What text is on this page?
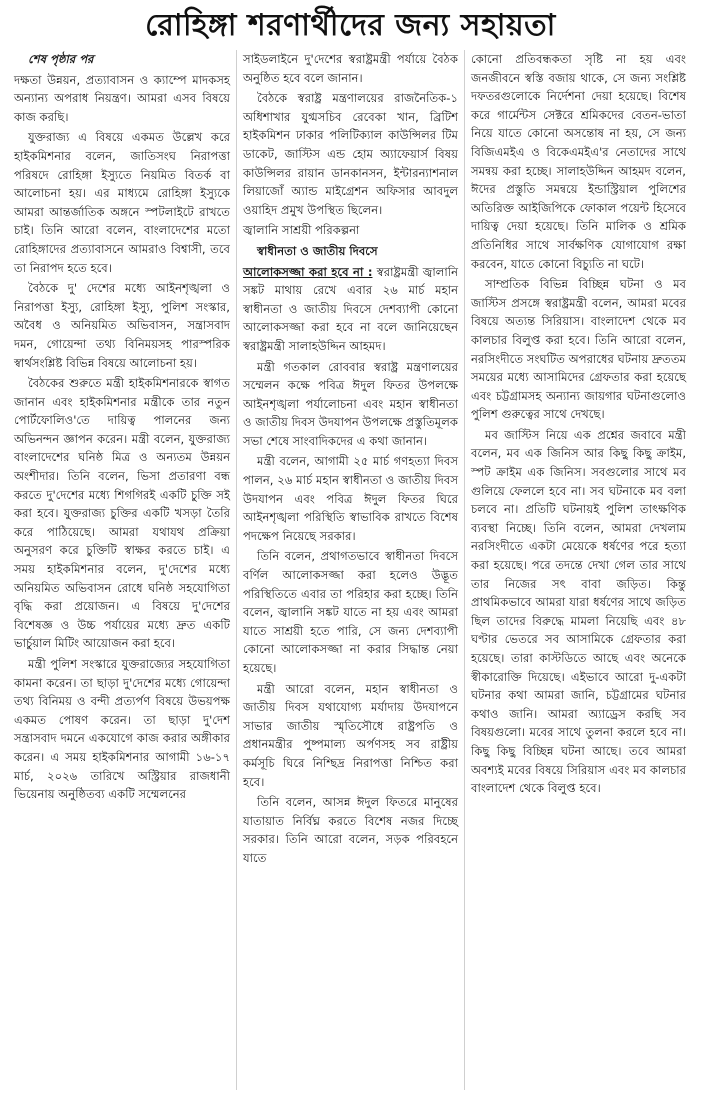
রোহিঙ্গা শরণার্থীদের জন্য সহায়তা

শেষ পৃষ্ঠার পর

দক্ষতা উন্নয়ন, প্রত্যাবাসন ও ক্যাম্পে মাদকসহ অন্যান্য অপরাধ নিয়ন্ত্রণ। আমরা এসব বিষয়ে কাজ করছি।

যুক্তরাজ্য এ বিষয়ে একমত উল্লেখ করে হাইকমিশনার বলেন, জাতিসংঘ নিরাপত্তা পরিষদে রোহিঙ্গা ইস্যুতে নিয়মিত বিতর্ক বা আলোচনা হয়। এর মাধ্যমে রোহিঙ্গা ইস্যুকে আমরা আন্তর্জাতিক অঙ্গনে স্পটলাইটে রাখতে চাই। তিনি আরো বলেন, বাংলাদেশের মতো রোহিঙ্গাদের প্রত্যাবাসনে আমরাও বিশ্বাসী, তবে তা নিরাপদ হতে হবে।

বৈঠকে দু' দেশের মধ্যে আইনশৃঙ্খলা ও নিরাপত্তা ইস্যু, রোহিঙ্গা ইস্যু, পুলিশ সংস্কার, অবৈধ ও অনিয়মিত অভিবাসন, সন্ত্রাসবাদ দমন, গোয়েন্দা তথ্য বিনিময়সহ পারস্পরিক স্বার্থসংশ্লিষ্ট বিভিন্ন বিষয়ে আলোচনা হয়।

বৈঠকের শুরুতে মন্ত্রী হাইকমিশনারকে স্বাগত জানান এবং হাইকমিশনার মন্ত্রীকে তার নতুন পোর্টফোলিও'তে দায়িত্ব পালনের জন্য অভিনন্দন জ্ঞাপন করেন। মন্ত্রী বলেন, যুক্তরাজ্য বাংলাদেশের ঘনিষ্ঠ মিত্র ও অন্যতম উন্নয়ন অংশীদার। তিনি বলেন, ভিসা প্রতারণা বন্ধ করতে দু'দেশের মধ্যে শিগগিরই একটি চুক্তি সই করা হবে। যুক্তরাজ্য চুক্তির একটি খসড়া তৈরি করে পাঠিয়েছে। আমরা যথাযথ প্রক্রিয়া অনুসরণ করে চুক্তিটি স্বাক্ষর করতে চাই। এ সময় হাইকমিশনার বলেন, দু'দেশের মধ্যে অনিয়মিত অভিবাসন রোধে ঘনিষ্ঠ সহযোগিতা বৃদ্ধি করা প্রয়োজন। এ বিষয়ে দু'দেশের বিশেষজ্ঞ ও উচ্চ পর্যায়ের মধ্যে দ্রুত একটি ভার্চুয়াল মিটিং আয়োজন করা হবে।

মন্ত্রী পুলিশ সংস্কারে যুক্তরাজ্যের সহযোগিতা কামনা করেন। তা ছাড়া দু'দেশের মধ্যে গোয়েন্দা তথ্য বিনিময় ও বন্দী প্রত্যর্পণ বিষয়ে উভয়পক্ষ একমত পোষণ করেন। তা ছাড়া দু'দেশ সন্ত্রাসবাদ দমনে একযোগে কাজ করার অঙ্গীকার করেন। এ সময় হাইকমিশনার আগামী ১৬-১৭ মার্চ, ২০২৬ তারিখে অস্ট্রিয়ার রাজধানী ভিয়েনায় অনুষ্ঠিতব্য একটি সম্মেলনের

সাইডলাইনে দু'দেশের স্বরাষ্ট্রমন্ত্রী পর্যায়ে বৈঠক অনুষ্ঠিত হবে বলে জানান।

বৈঠকে স্বরাষ্ট্র মন্ত্রণালয়ের রাজনৈতিক-১ অধিশাখার যুগ্মসচিব রেবেকা খান, ব্রিটিশ হাইকমিশন ঢাকার পলিটিক্যাল কাউন্সিলর টিম ডাকেট, জাস্টিস এন্ড হোম অ্যাফেয়ার্স বিষয় কাউন্সিলর রায়ান ডানকানসন, ইন্টারন্যাশনাল লিয়াজোঁ অ্যান্ড মাইগ্রেশন অফিসার আবদুল ওয়াহিদ প্রমুখ উপস্থিত ছিলেন।

জ্বালানি সাশ্রয়ী পরিকল্পনা

স্বাধীনতা ও জাতীয় দিবসে

আলোকসজ্জা করা হবে না : স্বরাষ্ট্রমন্ত্রী জ্বালানি সঙ্কট মাথায় রেখে এবার ২৬ মার্চ মহান স্বাধীনতা ও জাতীয় দিবসে দেশব্যাপী কোনো আলোকসজ্জা করা হবে না বলে জানিয়েছেন স্বরাষ্ট্রমন্ত্রী সালাহউদ্দিন আহমদ।

মন্ত্রী গতকাল রোববার স্বরাষ্ট্র মন্ত্রণালয়ের সম্মেলন কক্ষে পবিত্র ঈদুল ফিতর উপলক্ষে আইনশৃঙ্খলা পর্যালোচনা এবং মহান স্বাধীনতা ও জাতীয় দিবস উদযাপন উপলক্ষে প্রস্তুতিমূলক সভা শেষে সাংবাদিকদের এ কথা জানান।

মন্ত্রী বলেন, আগামী ২৫ মার্চ গণহত্যা দিবস পালন, ২৬ মার্চ মহান স্বাধীনতা ও জাতীয় দিবস উদযাপন এবং পবিত্র ঈদুল ফিতর ঘিরে আইনশৃঙ্খলা পরিস্থিতি স্বাভাবিক রাখতে বিশেষ পদক্ষেপ নিয়েছে সরকার।

তিনি বলেন, প্রথাগতভাবে স্বাধীনতা দিবসে বর্ণিল আলোকসজ্জা করা হলেও উদ্ভূত পরিস্থিতিতে এবার তা পরিহার করা হচ্ছে। তিনি বলেন, জ্বালানি সঙ্কট যাতে না হয় এবং আমরা যাতে সাশ্রয়ী হতে পারি, সে জন্য দেশব্যাপী কোনো আলোকসজ্জা না করার সিদ্ধান্ত নেয়া হয়েছে।

মন্ত্রী আরো বলেন, মহান স্বাধীনতা ও জাতীয় দিবস যথাযোগ্য মর্যাদায় উদযাপনে সাভার জাতীয় স্মৃতিসৌধে রাষ্ট্রপতি ও প্রধানমন্ত্রীর পুষ্পমাল্য অর্পণসহ সব রাষ্ট্রীয় কর্মসূচি ঘিরে নিশ্ছিদ্র নিরাপত্তা নিশ্চিত করা হবে।

তিনি বলেন, আসন্ন ঈদুল ফিতরে মানুষের যাতায়াত নির্বিঘ্ন করতে বিশেষ নজর দিচ্ছে সরকার। তিনি আরো বলেন, সড়ক পরিবহনে যাতে

কোনো প্রতিবন্ধকতা সৃষ্টি না হয় এবং জনজীবনে স্বস্তি বজায় থাকে, সে জন্য সংশ্লিষ্ট দফতরগুলোকে নির্দেশনা দেয়া হয়েছে। বিশেষ করে গার্মেন্টস সেক্টরে শ্রমিকদের বেতন-ভাতা নিয়ে যাতে কোনো অসন্তোষ না হয়, সে জন্য বিজিএমইএ ও বিকেএমইএ'র নেতাদের সাথে সমন্বয় করা হচ্ছে। সালাহউদ্দিন আহমদ বলেন, ঈদের প্রস্তুতি সমন্বয়ে ইন্ডাস্ট্রিয়াল পুলিশের অতিরিক্ত আইজিপিকে ফোকাল পয়েন্ট হিসেবে দায়িত্ব দেয়া হয়েছে। তিনি মালিক ও শ্রমিক প্রতিনিধির সাথে সার্বক্ষণিক যোগাযোগ রক্ষা করবেন, যাতে কোনো বিচ্যুতি না ঘটে।

সাম্প্রতিক বিভিন্ন বিচ্ছিন্ন ঘটনা ও মব জাস্টিস প্রসঙ্গে স্বরাষ্ট্রমন্ত্রী বলেন, আমরা মবের বিষয়ে অত্যন্ত সিরিয়াস। বাংলাদেশ থেকে মব কালচার বিলুপ্ত করা হবে। তিনি আরো বলেন, নরসিংদীতে সংঘটিত অপরাধের ঘটনায় দ্রুততম সময়ের মধ্যে আসামিদের গ্রেফতার করা হয়েছে এবং চট্টগ্রামসহ অন্যান্য জায়গার ঘটনাগুলোও পুলিশ গুরুত্বের সাথে দেখছে।

মব জাস্টিস নিয়ে এক প্রশ্নের জবাবে মন্ত্রী বলেন, মব এক জিনিস আর কিছু কিছু ক্রাইম, স্পট ক্রাইম এক জিনিস। সবগুলোর সাথে মব গুলিয়ে ফেললে হবে না। সব ঘটনাকে মব বলা চলবে না। প্রতিটি ঘটনায়ই পুলিশ তাৎক্ষণিক ব্যবস্থা নিচ্ছে। তিনি বলেন, আমরা দেখলাম নরসিংদীতে একটা মেয়েকে ধর্ষণের পরে হত্যা করা হয়েছে। পরে তদন্তে দেখা গেল তার সাথে তার নিজের সৎ বাবা জড়িত। কিন্তু প্রাথমিকভাবে আমরা যারা ধর্ষণের সাথে জড়িত ছিল তাদের বিরুদ্ধে মামলা নিয়েছি এবং ৪৮ ঘণ্টার ভেতরে সব আসামিকে গ্রেফতার করা হয়েছে। তারা কাস্টডিতে আছে এবং অনেকে স্বীকারোক্তি দিয়েছে। এইভাবে আরো দু-একটা ঘটনার কথা আমরা জানি, চট্টগ্রামের ঘটনার কথাও জানি। আমরা অ্যাড্রেস করছি সব বিষয়গুলো। মবের সাথে তুলনা করলে হবে না। কিছু কিছু বিচ্ছিন্ন ঘটনা আছে। তবে আমরা অবশ্যই মবের বিষয়ে সিরিয়াস এবং মব কালচার বাংলাদেশ থেকে বিলুপ্ত হবে।
